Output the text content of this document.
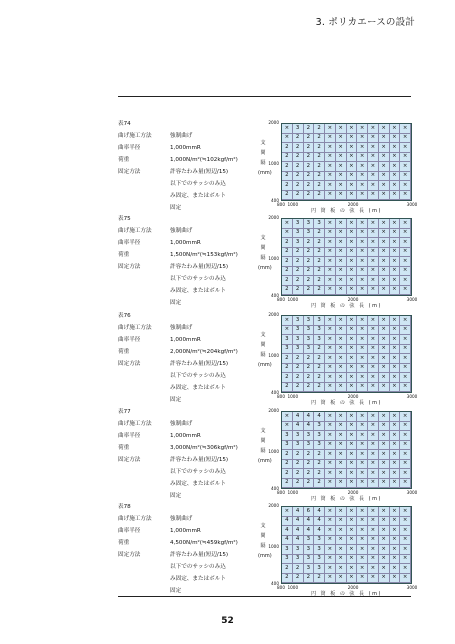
3. ポリカエースの設計
表74
曲げ施工方法	強制曲げ
曲率半径	1,000mmR
荷重	1,000N/m²(≒102kgf/m²)
固定方法	許容たわみ量(短辺/15)
以下でのサッシのみ込
み固定、またはボルト
固定
支 間 隔 (mm)
2000
1000
400
×	3	2	2	×	×	×	×	×	×	×	×
×	2	2	2	×	×	×	×	×	×	×	×
2	2	2	2	×	×	×	×	×	×	×	×
2	2	2	2	×	×	×	×	×	×	×	×
2	2	2	2	×	×	×	×	×	×	×	×
2	2	2	2	×	×	×	×	×	×	×	×
2	2	2	2	×	×	×	×	×	×	×	×
2	2	2	2	×	×	×	×	×	×	×	×
800 1000	2000	3000
円 筒 板 の 弦 長 (m)
表75
曲げ施工方法	強制曲げ
曲率半径	1,000mmR
荷重	1,500N/m²(≒153kgf/m²)
固定方法	許容たわみ量(短辺/15)
以下でのサッシのみ込
み固定、またはボルト
固定
支 間 隔 (mm)
2000
1000
400
×	3	3	3	×	×	×	×	×	×	×	×
×	3	3	2	×	×	×	×	×	×	×	×
2	3	2	2	×	×	×	×	×	×	×	×
2	2	2	2	×	×	×	×	×	×	×	×
2	2	2	2	×	×	×	×	×	×	×	×
2	2	2	2	×	×	×	×	×	×	×	×
2	2	2	2	×	×	×	×	×	×	×	×
2	2	2	2	×	×	×	×	×	×	×	×
800 1000	2000	3000
円 筒 板 の 弦 長 (m)
表76
曲げ施工方法	強制曲げ
曲率半径	1,000mmR
荷重	2,000N/m²(≒204kgf/m²)
固定方法	許容たわみ量(短辺/15)
以下でのサッシのみ込
み固定、またはボルト
固定
支 間 隔 (mm)
2000
1000
400
×	3	3	3	×	×	×	×	×	×	×	×
×	3	3	3	×	×	×	×	×	×	×	×
3	3	3	3	×	×	×	×	×	×	×	×
3	3	3	2	×	×	×	×	×	×	×	×
2	2	2	2	×	×	×	×	×	×	×	×
2	2	2	2	×	×	×	×	×	×	×	×
2	2	2	2	×	×	×	×	×	×	×	×
2	2	2	2	×	×	×	×	×	×	×	×
800 1000	2000	3000
円 筒 板 の 弦 長 (m)
表77
曲げ施工方法	強制曲げ
曲率半径	1,000mmR
荷重	3,000N/m²(≒306kgf/m²)
固定方法	許容たわみ量(短辺/15)
以下でのサッシのみ込
み固定、またはボルト
固定
支 間 隔 (mm)
2000
1000
400
×	4	4	4	×	×	×	×	×	×	×	×
×	4	4	3	×	×	×	×	×	×	×	×
3	3	3	3	×	×	×	×	×	×	×	×
3	3	3	3	×	×	×	×	×	×	×	×
2	2	2	2	×	×	×	×	×	×	×	×
2	2	2	2	×	×	×	×	×	×	×	×
2	2	2	2	×	×	×	×	×	×	×	×
2	2	2	2	×	×	×	×	×	×	×	×
800 1000	2000	3000
円 筒 板 の 弦 長 (m)
表78
曲げ施工方法	強制曲げ
曲率半径	1,000mmR
荷重	4,500N/m²(≒459kgf/m²)
固定方法	許容たわみ量(短辺/15)
以下でのサッシのみ込
み固定、またはボルト
固定
支 間 隔 (mm)
2000
1000
400
×	4	6	4	×	×	×	×	×	×	×	×
4	4	4	4	×	×	×	×	×	×	×	×
4	4	4	4	×	×	×	×	×	×	×	×
4	4	3	3	×	×	×	×	×	×	×	×
3	3	3	3	×	×	×	×	×	×	×	×
3	3	3	3	×	×	×	×	×	×	×	×
2	2	3	3	×	×	×	×	×	×	×	×
2	2	2	2	×	×	×	×	×	×	×	×
800 1000	2000	3000
円 筒 板 の 弦 長 (m)
52
